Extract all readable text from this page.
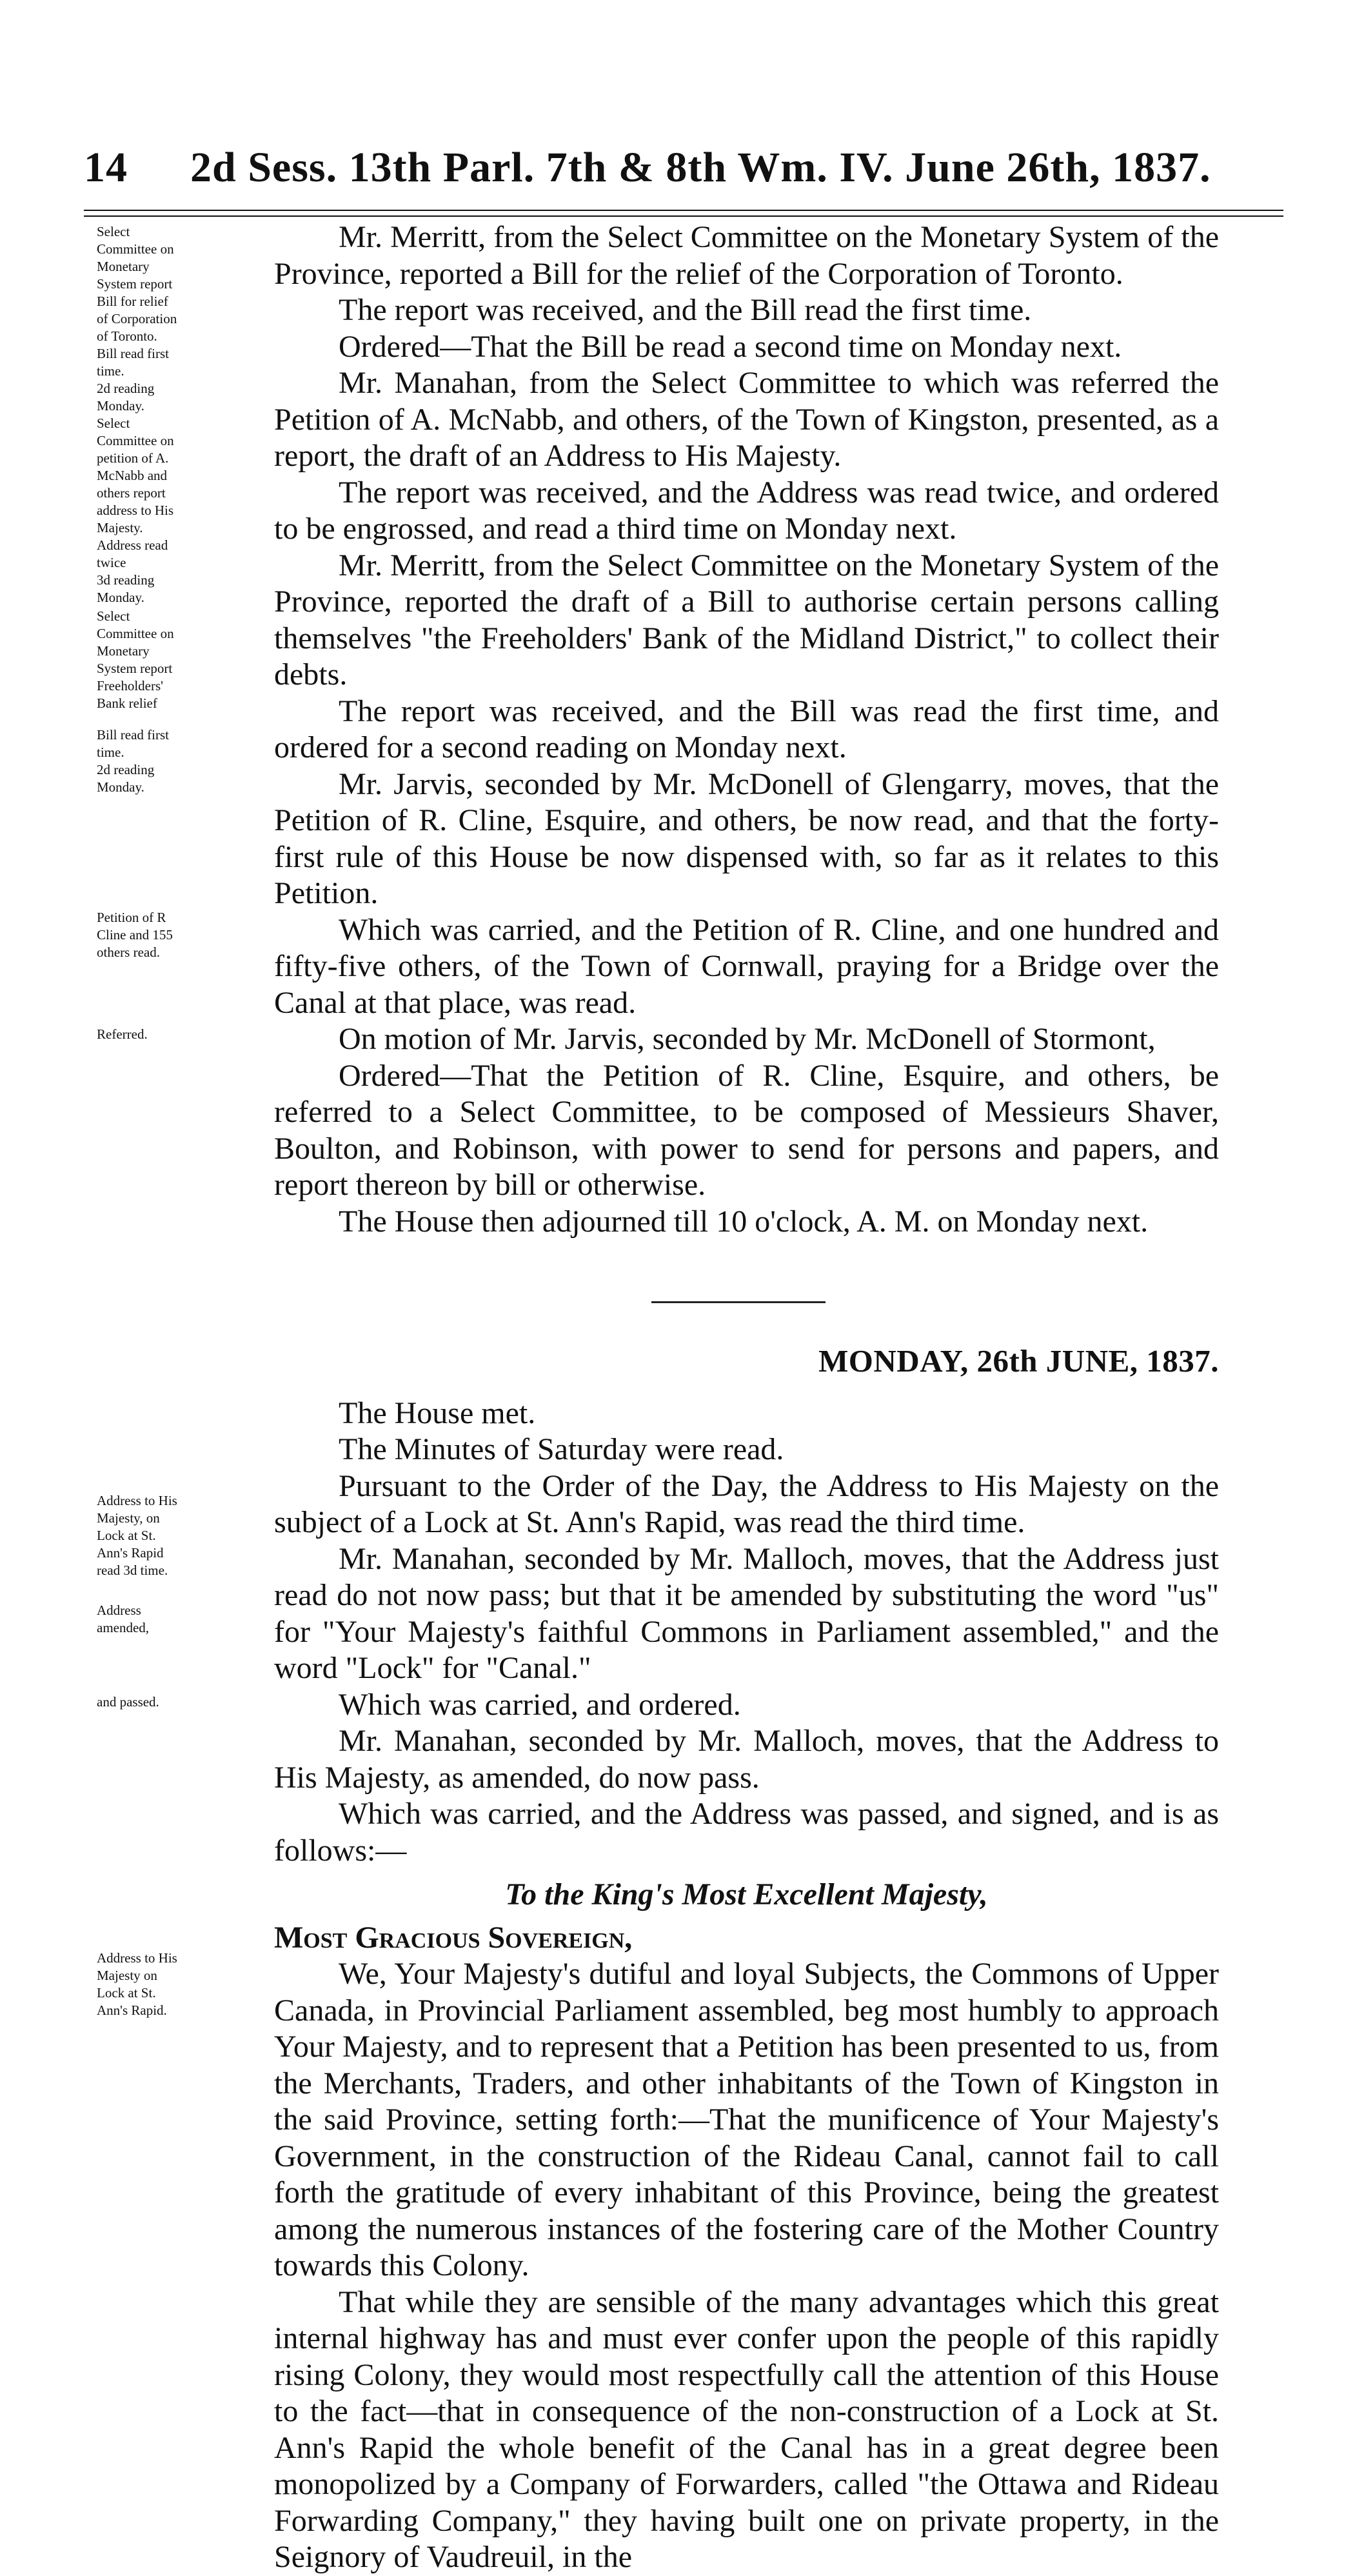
14	2d Sess. 13th Parl. 7th & 8th Wm. IV. June 26th, 1837.
Select Committee on Monetary System report Bill for relief of Corporation of Toronto.
Bill read first time.
2d reading Monday.
Select Committee on petition of A. McNabb and others report address to His Majesty.
Address read twice
3d reading Monday.
Select Committee on Monetary System report Freeholders' Bank relief
Bill read first time.
2d reading Monday.
Petition of R Cline and 155 others read.
Referred.

Mr. Merritt, from the Select Committee on the Monetary System of the Province, reported a Bill for the relief of the Corporation of Toronto.

The report was received, and the Bill read the first time.

Ordered—That the Bill be read a second time on Monday next.

Mr. Manahan, from the Select Committee to which was referred the Petition of A. McNabb, and others, of the Town of Kingston, presented, as a report, the draft of an Address to His Majesty.

The report was received, and the Address was read twice, and ordered to be engrossed, and read a third time on Monday next.

Mr. Merritt, from the Select Committee on the Monetary System of the Province, reported the draft of a Bill to authorise certain persons calling themselves "the Freeholders' Bank of the Midland District," to collect their debts.

The report was received, and the Bill was read the first time, and ordered for a second reading on Monday next.

Mr. Jarvis, seconded by Mr. McDonell of Glengarry, moves, that the Petition of R. Cline, Esquire, and others, be now read, and that the forty-first rule of this House be now dispensed with, so far as it relates to this Petition.

Which was carried, and the Petition of R. Cline, and one hundred and fifty-five others, of the Town of Cornwall, praying for a Bridge over the Canal at that place, was read.

On motion of Mr. Jarvis, seconded by Mr. McDonell of Stormont,

Ordered—That the Petition of R. Cline, Esquire, and others, be referred to a Select Committee, to be composed of Messieurs Shaver, Boulton, and Robinson, with power to send for persons and papers, and report thereon by bill or otherwise.

The House then adjourned till 10 o'clock, A. M. on Monday next.

Address to His Majesty, on Lock at St. Ann's Rapid read 3d time.
Address amended,
and passed.
Address to His Majesty on Lock at St. Ann's Rapid.
MONDAY, 26th JUNE, 1837.

The House met.

The Minutes of Saturday were read.

Pursuant to the Order of the Day, the Address to His Majesty on the subject of a Lock at St. Ann's Rapid, was read the third time.

Mr. Manahan, seconded by Mr. Malloch, moves, that the Address just read do not now pass; but that it be amended by substituting the word "us" for "Your Majesty's faithful Commons in Parliament assembled," and the word "Lock" for "Canal."

Which was carried, and ordered.

Mr. Manahan, seconded by Mr. Malloch, moves, that the Address to His Majesty, as amended, do now pass.

Which was carried, and the Address was passed, and signed, and is as follows:—

To the King's Most Excellent Majesty,

Most Gracious Sovereign,

We, Your Majesty's dutiful and loyal Subjects, the Commons of Upper Canada, in Provincial Parliament assembled, beg most humbly to approach Your Majesty, and to represent that a Petition has been presented to us, from the Merchants, Traders, and other inhabitants of the Town of Kingston in the said Province, setting forth:—That the munificence of Your Majesty's Government, in the construction of the Rideau Canal, cannot fail to call forth the gratitude of every inhabitant of this Province, being the greatest among the numerous instances of the fostering care of the Mother Country towards this Colony.

That while they are sensible of the many advantages which this great internal highway has and must ever confer upon the people of this rapidly rising Colony, they would most respectfully call the attention of this House to the fact—that in consequence of the non-construction of a Lock at St. Ann's Rapid the whole benefit of the Canal has in a great degree been monopolized by a Company of Forwarders, called "the Ottawa and Rideau Forwarding Company," they having built one on private property, in the Seignory of Vaudreuil, in the
